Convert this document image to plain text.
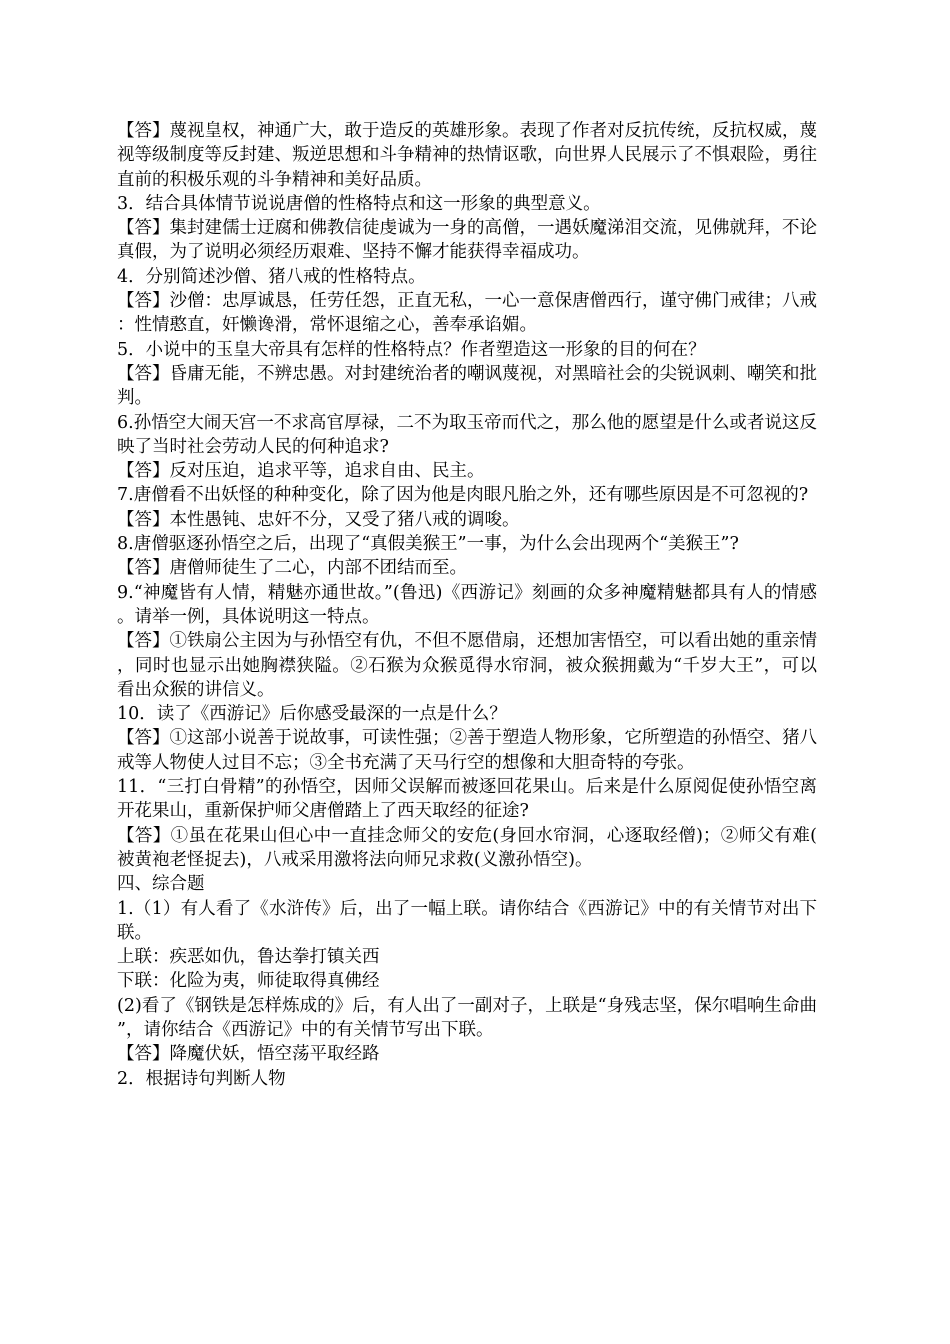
【答】蔑视皇权，神通广大，敢于造反的英雄形象。表现了作者对反抗传统，反抗权威，蔑视等级制度等反封建、叛逆思想和斗争精神的热情讴歌，向世界人民展示了不惧艰险，勇往直前的积极乐观的斗争精神和美好品质。

3．结合具体情节说说唐僧的性格特点和这一形象的典型意义。

【答】集封建儒士迂腐和佛教信徒虔诚为一身的高僧，一遇妖魔涕泪交流，见佛就拜，不论真假，为了说明必须经历艰难、坚持不懈才能获得幸福成功。

4．分别简述沙僧、猪八戒的性格特点。

【答】沙僧：忠厚诚恳，任劳任怨，正直无私，一心一意保唐僧西行，谨守佛门戒律；八戒：性情憨直，奸懒谗滑，常怀退缩之心，善奉承谄媚。

5．小说中的玉皇大帝具有怎样的性格特点？作者塑造这一形象的目的何在？

【答】昏庸无能，不辨忠愚。对封建统治者的嘲讽蔑视，对黑暗社会的尖锐讽刺、嘲笑和批判。

6.孙悟空大闹天宫一不求高官厚禄，二不为取玉帝而代之，那么他的愿望是什么或者说这反映了当时社会劳动人民的何种追求?

【答】反对压迫，追求平等，追求自由、民主。

7.唐僧看不出妖怪的种种变化，除了因为他是肉眼凡胎之外，还有哪些原因是不可忽视的?

【答】本性愚钝、忠奸不分，又受了猪八戒的调唆。

8.唐僧驱逐孙悟空之后，出现了“真假美猴王”一事，为什么会出现两个“美猴王”?

【答】唐僧师徒生了二心，内部不团结而至。

9.“神魔皆有人情，精魅亦通世故。”(鲁迅)《西游记》刻画的众多神魔精魅都具有人的情感。请举一例，具体说明这一特点。

【答】①铁扇公主因为与孙悟空有仇，不但不愿借扇，还想加害悟空，可以看出她的重亲情，同时也显示出她胸襟狭隘。②石猴为众猴觅得水帘洞，被众猴拥戴为“千岁大王”，可以看出众猴的讲信义。

10．读了《西游记》后你感受最深的一点是什么？

【答】①这部小说善于说故事，可读性强；②善于塑造人物形象，它所塑造的孙悟空、猪八戒等人物使人过目不忘；③全书充满了天马行空的想像和大胆奇特的夸张。

11．“三打白骨精”的孙悟空，因师父误解而被逐回花果山。后来是什么原阅促使孙悟空离开花果山，重新保护师父唐僧踏上了西天取经的征途?

【答】①虽在花果山但心中一直挂念师父的安危(身回水帘洞，心逐取经僧)；②师父有难(被黄袍老怪捉去)，八戒采用激将法向师兄求救(义激孙悟空)。

四、综合题

1.（1）有人看了《水浒传》后，出了一幅上联。请你结合《西游记》中的有关情节对出下联。

上联：疾恶如仇，鲁达拳打镇关西

下联：化险为夷，师徒取得真佛经

(2)看了《钢铁是怎样炼成的》后，有人出了一副对子，上联是“身残志坚，保尔唱响生命曲”，请你结合《西游记》中的有关情节写出下联。

【答】降魔伏妖，悟空荡平取经路

2．根据诗句判断人物
